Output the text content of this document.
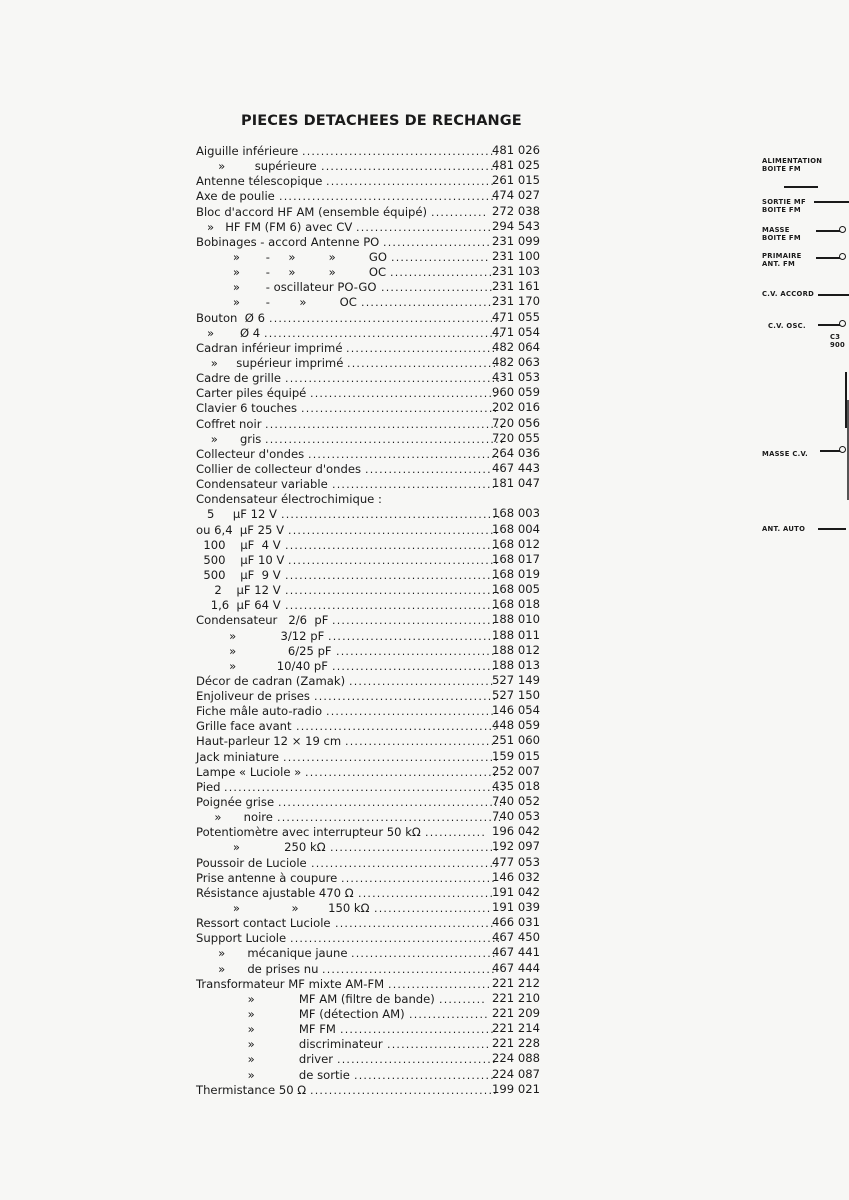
PIECES DETACHEES DE RECHANGE
Aiguille inférieure ..........................................
481 026
»        supérieure ......................................
481 025
Antenne télescopique ....................................
261 015
Axe de poulie ...............................................
474 027
Bloc d'accord HF AM (ensemble équipé) ............ 272 038
»   HF FM (FM 6) avec CV ............................. 294 543
Bobinages - accord Antenne PO ....................... 231 099
»       -     »         »         GO ..................... 231 100
»       -     »         »         OC ......................
231 103
»       - oscillateur PO-GO ........................
231 161
»       -        »         OC ............................ 231 170
Bouton  Ø 6 ..................................................
471 055
»       Ø 4 ...................................................
471 054
Cadran inférieur imprimé ................................
482 064
»     supérieur imprimé ................................
482 063
Cadre de grille ..............................................
431 053
Carter piles équipé ........................................
960 059
Clavier 6 touches ..........................................
202 016
Coffret noir ...................................................
720 056
»      gris ...................................................
720 055
Collecteur d'ondes .........................................
264 036
Collier de collecteur d'ondes ........................... 467 443
Condensateur variable ...................................
181 047
Condensateur électrochimique :
5     µF 12 V ...............................................
168 003
ou 6,4  µF 25 V .............................................
168 004
100    µF  4 V ..............................................
168 012
500    µF 10 V .............................................
168 017
500    µF  9 V ..............................................
168 019
2    µF 12 V ..............................................
168 005
1,6  µF 64 V ..............................................
168 018
Condensateur   2/6  pF ...................................
188 010
»            3/12 pF ....................................
188 011
»              6/25 pF ..................................
188 012
»           10/40 pF ...................................
188 013
Décor de cadran (Zamak) ...............................
527 149
Enjoliveur de prises .......................................
527 150
Fiche mâle auto-radio ....................................
146 054
Grille face avant ...........................................
448 059
Haut-parleur 12 × 19 cm ................................
251 060
Jack miniature ..............................................
159 015
Lampe « Luciole » .........................................
252 007
Pied ............................................................
435 018
Poignée grise ................................................
740 052
»      noire ................................................
740 053
Potentiomètre avec interrupteur 50 kΩ ............. 196 042
»            250 kΩ ....................................
192 097
Poussoir de Luciole ........................................
477 053
Prise antenne à coupure .................................
146 032
Résistance ajustable 470 Ω .............................
191 042
»              »        150 kΩ ......................... 191 039
Ressort contact Luciole ..................................
466 031
Support Luciole .............................................
467 450
»      mécanique jaune ...............................
467 441
»      de prises nu .....................................
467 444
Transformateur MF mixte AM-FM ...................... 221 212
»            MF AM (filtre de bande) .......... 221 210
»            MF (détection AM) ................. 221 209
»            MF FM .................................
221 214
»            discriminateur ...................... 221 228
»            driver ..................................
224 088
»            de sortie ..............................
224 087
Thermistance 50 Ω ........................................
199 021
ALIMENTATION
BOITE FM
SORTIE MF
BOITE FM
MASSE
BOITE FM
PRIMAIRE
ANT. FM
C.V. ACCORD
C.V. OSC.
C3
900
MASSE C.V.
ANT. AUTO
